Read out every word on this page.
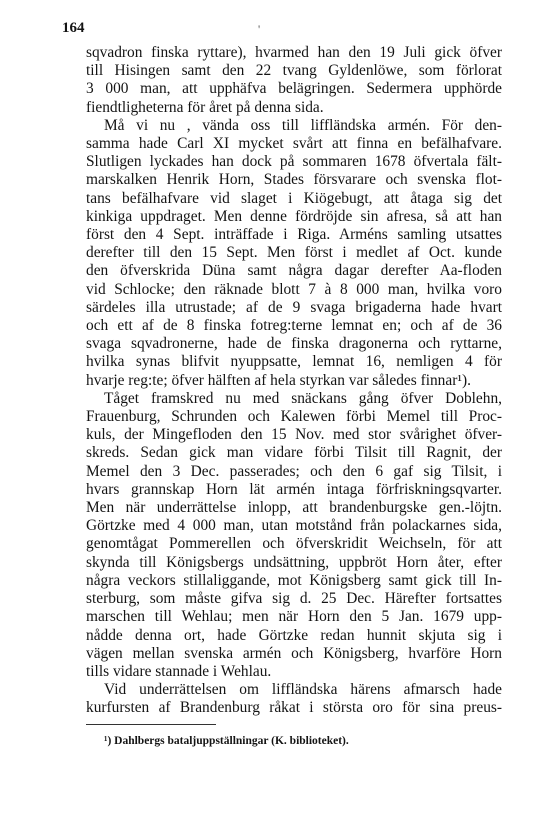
164	'
sqvadron finska ryttare), hvarmed han den 19 Juli gick öfver
till Hisingen samt den 22 tvang Gyldenlöwe, som förlorat
3 000 man, att upphäfva belägringen. Sedermera upphörde
fiendtligheterna för året på denna sida.
Må vi nu , vända oss till liffländska armén. För den-
samma hade Carl XI mycket svårt att finna en befälhafvare.
Slutligen lyckades han dock på sommaren 1678 öfvertala fält-
marskalken Henrik Horn, Stades försvarare och svenska flot-
tans befälhafvare vid slaget i Kiögebugt, att åtaga sig det
kinkiga uppdraget. Men denne fördröjde sin afresa, så att han
först den 4 Sept. inträffade i Riga. Arméns samling utsattes
derefter till den 15 Sept. Men först i medlet af Oct. kunde
den öfverskrida Düna samt några dagar derefter Aa-floden
vid Schlocke; den räknade blott 7 à 8 000 man, hvilka voro
särdeles illa utrustade; af de 9 svaga brigaderna hade hvart
och ett af de 8 finska fotreg:terne lemnat en; och af de 36
svaga sqvadronerne, hade de finska dragonerna och ryttarne,
hvilka synas blifvit nyuppsatte, lemnat 16, nemligen 4 för
hvarje reg:te; öfver hälften af hela styrkan var således finnar¹).
Tåget framskred nu med snäckans gång öfver Doblehn,
Frauenburg, Schrunden och Kalewen förbi Memel till Proc-
kuls, der Mingefloden den 15 Nov. med stor svårighet öfver-
skreds. Sedan gick man vidare förbi Tilsit till Ragnit, der
Memel den 3 Dec. passerades; och den 6 gaf sig Tilsit, i
hvars grannskap Horn lät armén intaga förfriskningsqvarter.
Men när underrättelse inlopp, att brandenburgske gen.-löjtn.
Görtzke med 4 000 man, utan motstånd från polackarnes sida,
genomtågat Pommerellen och öfverskridit Weichseln, för att
skynda till Königsbergs undsättning, uppbröt Horn åter, efter
några veckors stillaliggande, mot Königsberg samt gick till In-
sterburg, som måste gifva sig d. 25 Dec. Härefter fortsattes
marschen till Wehlau; men när Horn den 5 Jan. 1679 upp-
nådde denna ort, hade Görtzke redan hunnit skjuta sig i
vägen mellan svenska armén och Königsberg, hvarföre Horn
tills vidare stannade i Wehlau.
Vid underrättelsen om liffländska härens afmarsch hade
kurfursten af Brandenburg råkat i största oro för sina preus-
¹) Dahlbergs bataljuppställningar (K. biblioteket).
